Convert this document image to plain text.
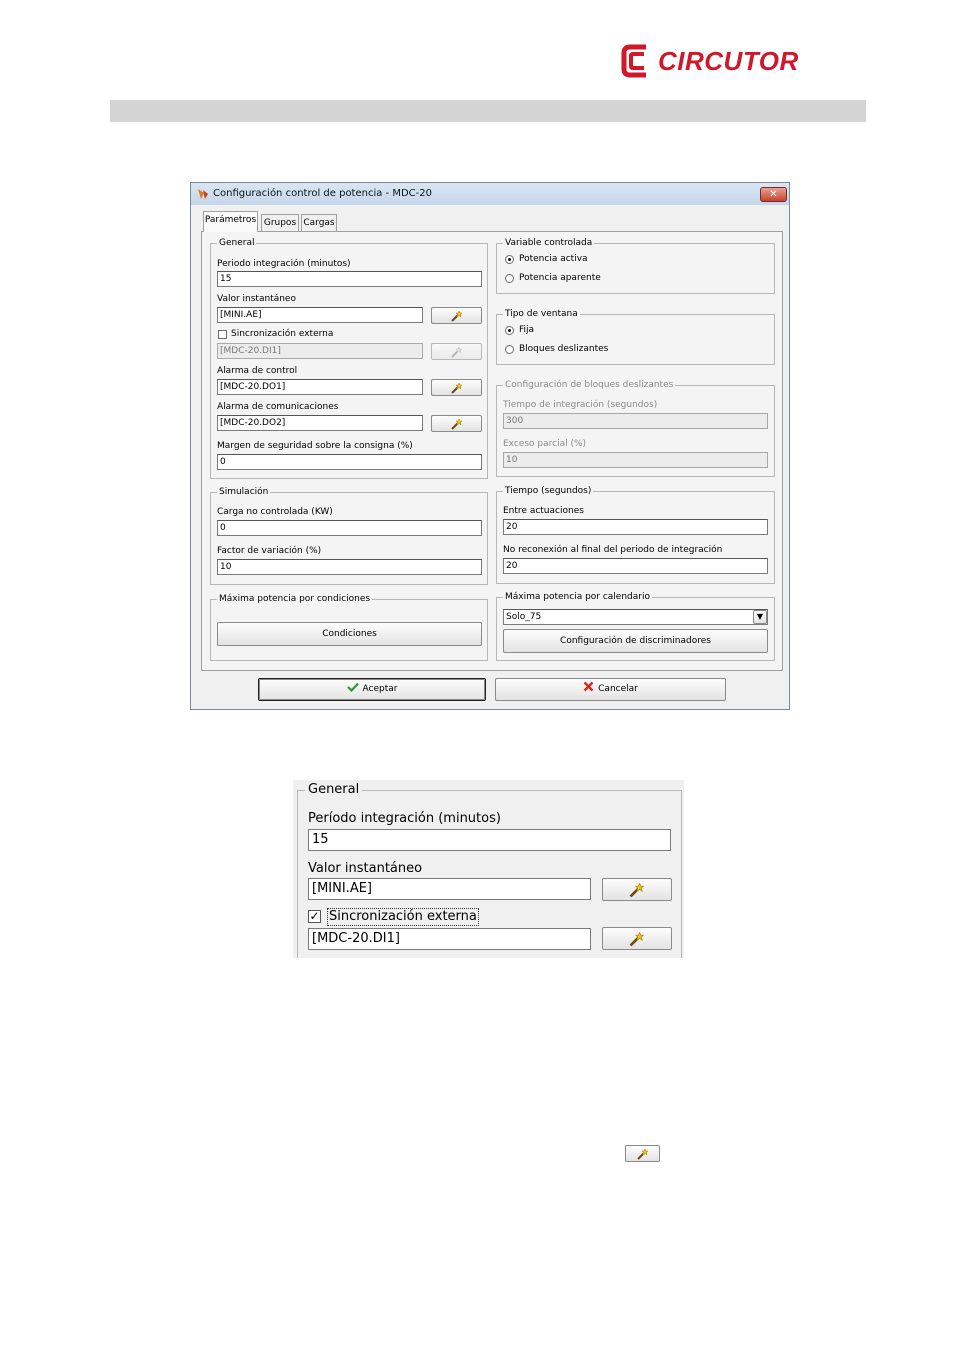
CIRCUTOR
Configuración control de potencia - MDC-20	✕
Parámetros Grupos Cargas
General
Periodo integración (minutos)
15
Valor instantáneo
[MINI.AE]
Sincronización externa
[MDC-20.DI1]
Alarma de control
[MDC-20.DO1]
Alarma de comunicaciones
[MDC-20.DO2]
Margen de seguridad sobre la consigna (%)
0
Variable controlada
Potencia activa
Potencia aparente
Tipo de ventana
Fija
Bloques deslizantes
Configuración de bloques deslizantes
Tiempo de integración (segundos)
300
Exceso parcial (%)
10
Simulación
Carga no controlada (KW)
0
Factor de variación (%)
10
Tiempo (segundos)
Entre actuaciones
20
No reconexión al final del periodo de integración
20
Máxima potencia por condiciones
Condiciones
Máxima potencia por calendario
Solo_75	▼
Configuración de discriminadores
Aceptar	Cancelar
General
Período integración (minutos)
15
Valor instantáneo
[MINI.AE]
✓ Sincronización externa
[MDC-20.DI1]
